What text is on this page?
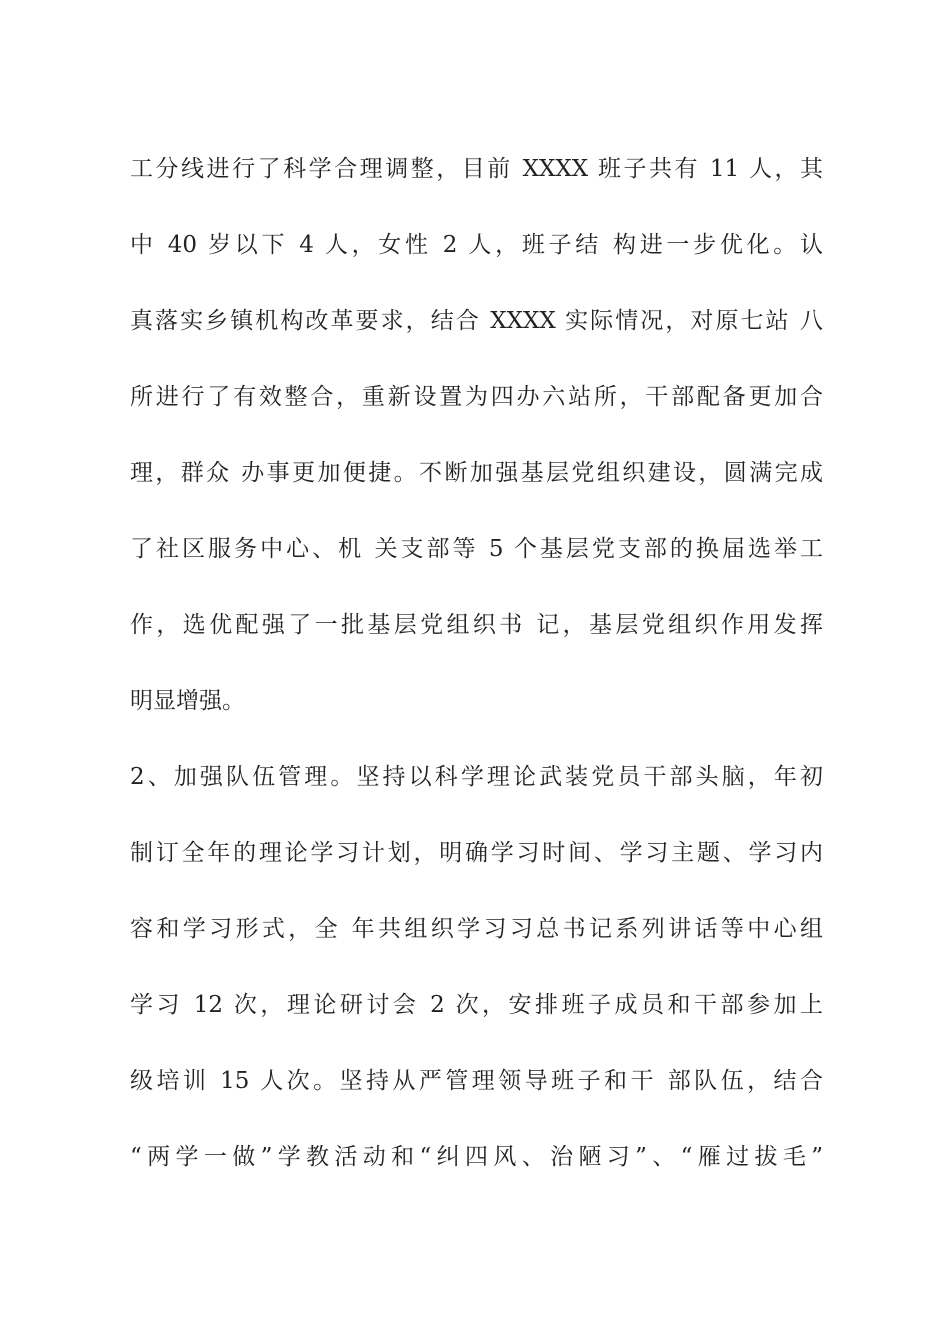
工分线进行了科学合理调整，目前 XXXX 班子共有 11 人，其
中 40 岁以下 4 人，女性 2 人，班子结 构进一步优化。认
真落实乡镇机构改革要求，结合 XXXX 实际情况，对原七站 八
所进行了有效整合，重新设置为四办六站所，干部配备更加合
理，群众 办事更加便捷。不断加强基层党组织建设，圆满完成
了社区服务中心、机 关支部等 5 个基层党支部的换届选举工
作，选优配强了一批基层党组织书 记，基层党组织作用发挥
明显增强。
2、加强队伍管理。坚持以科学理论武装党员干部头脑，年初
制订全年的理论学习计划，明确学习时间、学习主题、学习内
容和学习形式，全 年共组织学习习总书记系列讲话等中心组
学习 12 次，理论研讨会 2 次，安排班子成员和干部参加上
级培训 15 人次。坚持从严管理领导班子和干 部队伍，结合
“两学一做”学教活动和“纠四风、治陋习”、“雁过拔毛”
